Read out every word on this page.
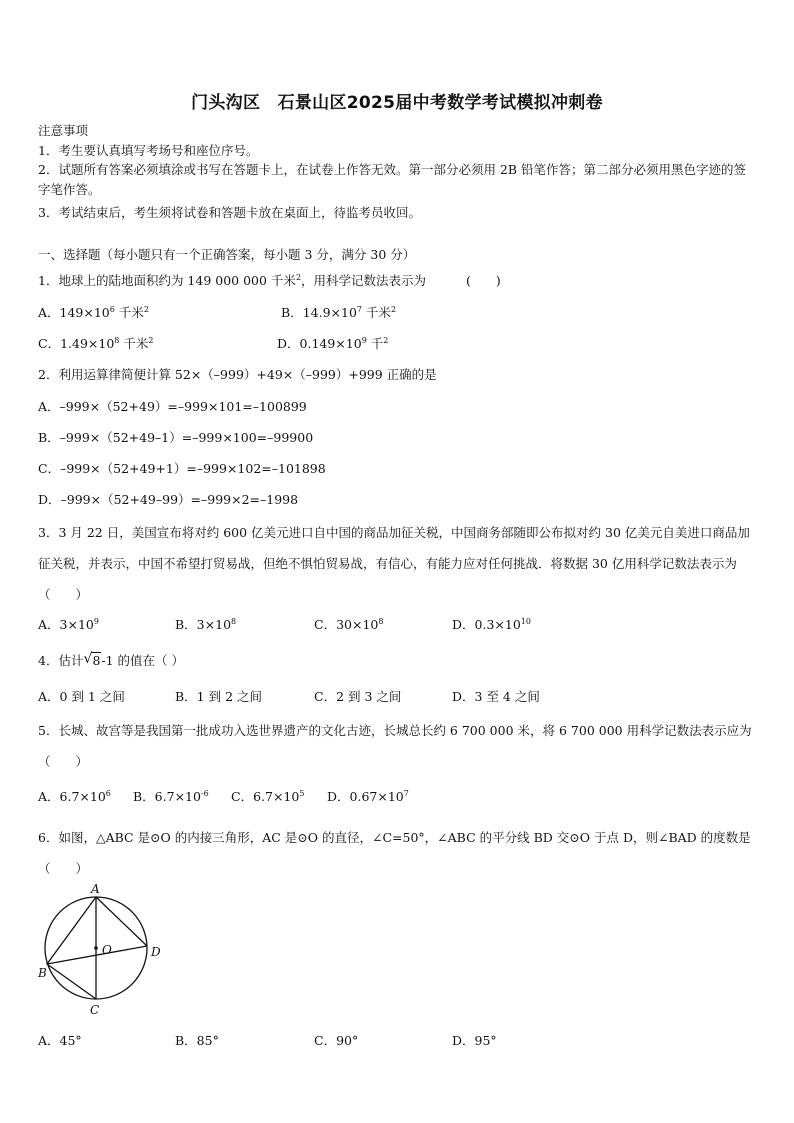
门头沟区　石景山区2025届中考数学考试模拟冲刺卷
注意事项
1．考生要认真填写考场号和座位序号。
2．试题所有答案必须填涂或书写在答题卡上，在试卷上作答无效。第一部分必须用 2B 铅笔作答；第二部分必须用黑色字迹的签字笔作答。
3．考试结束后，考生须将试卷和答题卡放在桌面上，待监考员收回。
一、选择题（每小题只有一个正确答案，每小题 3 分，满分 30 分）
1．地球上的陆地面积约为 149 000 000 千米$^2$，用科学记数法表示为	(　　)
A．$149\times 10^6$ 千米$^2$	B．$14.9\times 10^7$ 千米$^2$
C．$1.49\times 10^8$ 千米$^2$	D．$0.149\times 10^9$ 千$^2$
2．利用运算律简便计算 52×（–999）+49×（–999）+999 正确的是
A．–999×（52+49）=–999×101=–100899
B．–999×（52+49–1）=–999×100=–99900
C．–999×（52+49+1）=–999×102=–101898
D．–999×（52+49–99）=–999×2=–1998
3．3 月 22 日，美国宣布将对约 600 亿美元进口自中国的商品加征关税，中国商务部随即公布拟对约 30 亿美元自美进口商品加征关税，并表示，中国不希望打贸易战，但绝不惧怕贸易战，有信心，有能力应对任何挑战．将数据 30 亿用科学记数法表示为（　　）
A．$3\times 10^9$	B．$3\times 10^8$	C．$30\times 10^8$	D．$0.3\times 10^{10}$
4．估计 √ 8-1 的值在（ ）
A．0 到 1 之间	B．1 到 2 之间	C．2 到 3 之间	D．3 至 4 之间
5．长城、故宫等是我国第一批成功入选世界遗产的文化古迹，长城总长约 6 700 000 米，将 6 700 000 用科学记数法表示应为（　　）
A．$6.7\times 10^6$ B．$6.7\times 10^{-6}$ C．$6.7\times 10^5$ D．$0.67\times 10^7$
6．如图，△ABC 是⊙O 的内接三角形，AC 是⊙O 的直径，∠C=50°，∠ABC 的平分线 BD 交⊙O 于点 D，则∠BAD 的度数是（　　）
A
B
C
D
O
A．45°	B．85°	C．90°	D．95°
